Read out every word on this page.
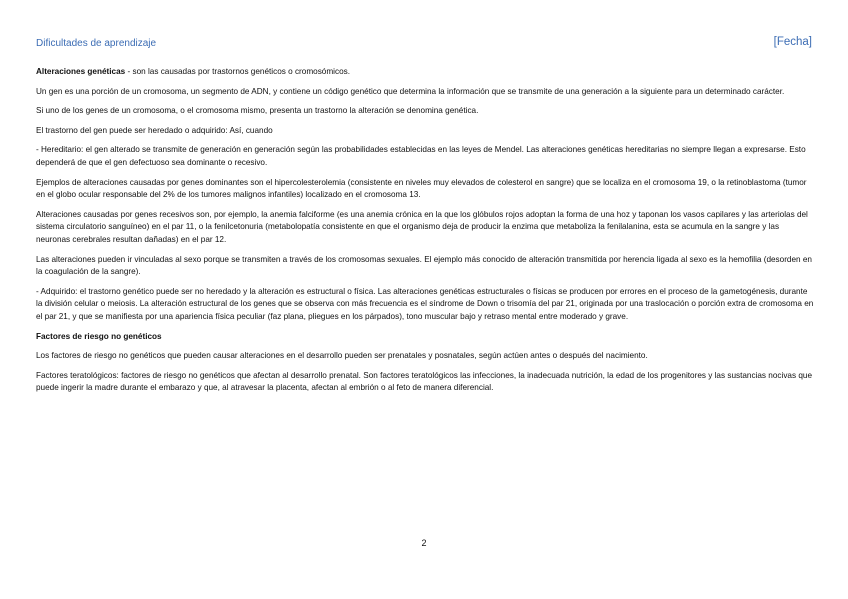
Dificultades de aprendizaje	[Fecha]

Alteraciones genéticas - son las causadas por trastornos genéticos o cromosómicos.

Un gen es una porción de un cromosoma, un segmento de ADN, y contiene un código genético que determina la información que se transmite de una generación a la siguiente para un determinado carácter.

Si uno de los genes de un cromosoma, o el cromosoma mismo, presenta un trastorno la alteración se denomina genética.

El trastorno del gen puede ser heredado o adquirido: Así, cuando

- Hereditario: el gen alterado se transmite de generación en generación según las probabilidades establecidas en las leyes de Mendel. Las alteraciones genéticas hereditarias no siempre llegan a expresarse. Esto dependerá de que el gen defectuoso sea dominante o recesivo.

Ejemplos de alteraciones causadas por genes dominantes son el hipercolesterolemia (consistente en niveles muy elevados de colesterol en sangre) que se localiza en el cromosoma 19, o la retinoblastoma (tumor en el globo ocular responsable del 2% de los tumores malignos infantiles) localizado en el cromosoma 13.

Alteraciones causadas por genes recesivos son, por ejemplo, la anemia falciforme (es una anemia crónica en la que los glóbulos rojos adoptan la forma de una hoz y taponan los vasos capilares y las arteriolas del sistema circulatorio sanguíneo) en el par 11, o la fenilcetonuria (metabolopatía consistente en que el organismo deja de producir la enzima que metaboliza la fenilalanina, esta se acumula en la sangre y las neuronas cerebrales resultan dañadas) en el par 12.

Las alteraciones pueden ir vinculadas al sexo porque se transmiten a través de los cromosomas sexuales. El ejemplo más conocido de alteración transmitida por herencia ligada al sexo es la hemofilia (desorden en la coagulación de la sangre).

- Adquirido: el trastorno genético puede ser no heredado y la alteración es estructural o física. Las alteraciones genéticas estructurales o físicas se producen por errores en el proceso de la gametogénesis, durante la división celular o meiosis. La alteración estructural de los genes que se observa con más frecuencia es el síndrome de Down o trisomía del par 21, originada por una traslocación o porción extra de cromosoma en el par 21, y que se manifiesta por una apariencia física peculiar (faz plana, pliegues en los párpados), tono muscular bajo y retraso mental entre moderado y grave.

Factores de riesgo no genéticos

Los factores de riesgo no genéticos que pueden causar alteraciones en el desarrollo pueden ser prenatales y posnatales, según actúen antes o después del nacimiento.

Factores teratológicos: factores de riesgo no genéticos que afectan al desarrollo prenatal. Son factores teratológicos las infecciones, la inadecuada nutrición, la edad de los progenitores y las sustancias nocivas que puede ingerir la madre durante el embarazo y que, al atravesar la placenta, afectan al embrión o al feto de manera diferencial.

2
